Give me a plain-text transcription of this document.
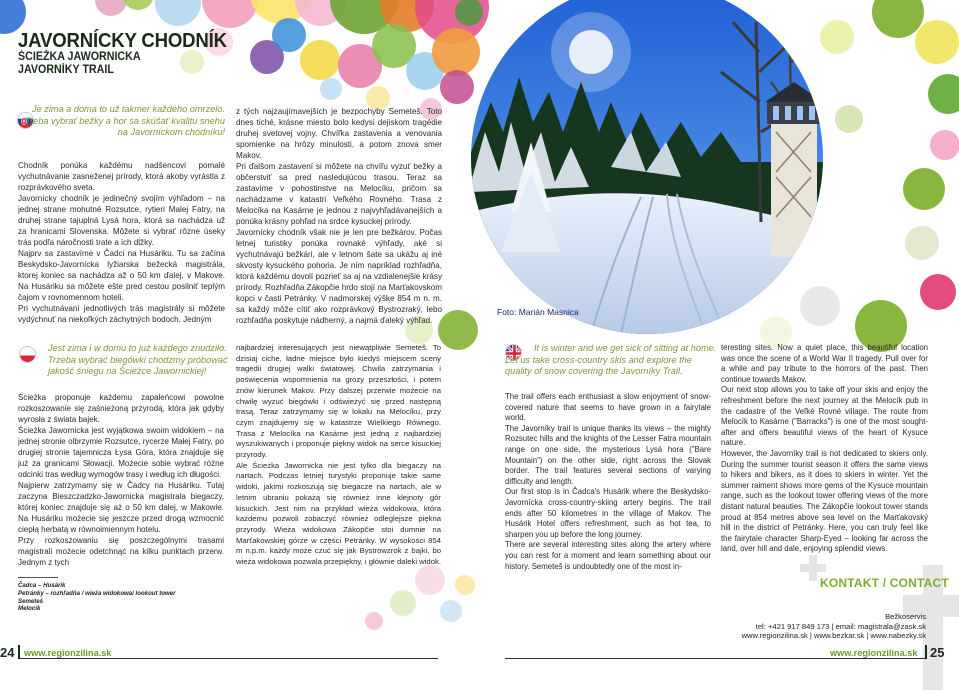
JAVORNÍCKY CHODNÍK
ŚCIEŻKA JAWORNICKA
JAVORNÍKY TRAIL
Je zima a doma to už takmer každého omrzelo. Treba vybrať bežky a hor sa skúšať kvalitu snehu na Javorníckom chodníku!

Chodník ponúka každému nadšencovi pomalé vychutnávanie zasneženej prírody, ktorá akoby vyrástla z rozprávkového sveta.
Javornícky chodník je jedinečný svojím výhľadom – na jednej strane mohutné Rozsutce, rytieri Malej Fatry, na druhej strane tajuplná Lysá hora, ktorá sa nachádza už za hranicami Slovenska. Môžete si vybrať rôzne úseky trás podľa náročnosti trate a ich dĺžky.
Najprv sa zastavíme v Čadci na Husáriku. Tu sa začína Beskydsko-Javornícka lyžiarska bežecká magistrála, ktorej koniec sa nachádza až o 50 km ďalej, v Makove. Na Husáriku sa môžete ešte pred cestou posilniť teplým čajom v rovnomennom hoteli.
Pri vychutnávaní jednotlivých trás magistrály si môžete vydýchnuť na niekoľkých záchytných bodoch. Jedným

z tých najzaujímavejších je bezpochyby Semeteš. Toto dnes tiché, krásne miesto bolo kedysi dejiskom tragédie druhej svetovej vojny. Chvíľka zastavenia a venovania spomienke na hrôzy minulosti, a potom znova smer Makov.
Pri ďalšom zastavení si môžete na chvíľu vyzuť bežky a občerstviť sa pred nasledujúcou trasou. Teraz sa zastavíme v pohostinstve na Melocíku, pričom sa nachádzame v katastri Veľkého Rovného. Trasa z Melocíka na Kasárne je jednou z najvyhľadávanejších a ponúka krásny pohľad na srdce kysuckej prírody.
Javornícky chodník však nie je len pre bežkárov. Počas letnej turistiky ponúka rovnaké výhľady, aké si vychutnávajú bežkári, ale v letnom šate sa ukážu aj iné skvosty kysuckého pohoria. Je ním napríklad rozhľadňa, ktorá každému dovolí pozrieť sa aj na vzdialenejšie krásy prírody. Rozhľadňa Zákopčie hrdo stojí na Marťakovskom kopci v časti Petránky. V nadmorskej výške 854 m n. m. sa každý môže cítiť ako rozprávkový Bystrozraký, lebo rozhľadňa poskytuje nádherný, a najmä ďaleký výhľad.

Foto: Marián Masnica
Jest zima i w domu to już każdego znudziło. Trzeba wybrać biegówki chodzmy próbować jakość śniegu na Ścieżce Jawornickiej!

Ścieżka proponuje każdemu zapaleńcowi powolne rozkoszowanie się zaśnieżoną przyrodą, która jak gdyby wyrosła z świata bajek.
Ścieżka Jawornicka jest wyjątkowa swoim widokiem – na jednej stronie olbrzymie Rozsutce, rycerze Małej Fatry, po drugiej stronie tajemnicza Łysa Góra, która znajduje się już za granicami Słowacji. Możecie sobie wybrać różne odcinki tras według wymogów trasy i według ich długości.
Najpierw zatrzymamy się w Čadcy na Husáriku. Tutaj zaczyna Bieszczadzko-Jawornicka magistrala biegaczy, której koniec znajduje się aż o 50 km dalej, w Makowie. Na Husáriku możecie się jeszcze przed drogą wzmocnić ciepłą herbatą w równoimiennym hotelu.
Przy rozkoszowaniu się poszczególnymi trasami magistrali możecie odetchnąć na kilku punktach przerw. Jednym z tych

najbardziej interesujących jest niewątpliwie Semeteš. To dzisiaj ciche, ładne miejsce było kiedyś miejscem sceny tragedii drugiej walki światowej. Chwila zatrzymania i poświęcenia wspomnienia na grozy przeszłości, i potem znów kierunek Makov. Przy dalszej przerwie możecie na chwilę wyzuć biegówki i odświeżyć się przed następną trasą. Teraz zatrzymamy się w lokalu na Melocíku, przy czym znajdujemy się w katastrze Wielkiego Równego. Trasa z Melocíka na Kasárne jest jedną z najbardziej wyszukiwanych i proponuje piękny widok na serce kisuckiej przyrody.
Ale Ścieżka Jawornicka nie jest tylko dla biegaczy na nartach. Podczas letniej turystyki proponuje takie same widoki, jakimi rozkoszują się biegacze na nartach, ale w letnim ubraniu pokażą się również inne klejnoty gór kisuckich. Jest nim na przykład wieża widokowa, która każdemu pozwoli zobaczyć również odleglejsze piękna przyrody. Wieża widokowa Zákopčie stoi dumnie na Marťakowskiej górze w części Petránky. W wysokości 854 m n.p.m. każdy może czuć się jak Bystrowzrok z bajki, bo wieża widokowa pozwala przepiękny, i głównie daleki widok.

It is winter and we get sick of sitting at home. Let us take cross-country skis and explore the quality of snow covering the Javorníky Trail.

The trail offers each enthusiast a slow enjoyment of snow-covered nature that seems to have grown in a fairytale world.
The Javorníky trail is unique thanks its views – the mighty Rozsutec hills and the knights of the Lesser Fatra mountain range on one side, the mysterious Lysá hora ("Bare Mountain") on the other side, right across the Slovak border. The trail features several sections of varying difficulty and length.
Our first stop is in Čadca's Husárik where the Beskydsko-Javornícka cross-country-skiing artery begins. The trail ends after 50 kilometres in the village of Makov. The Husárik Hotel offers refreshment, such as hot tea, to sharpen you up before the long journey.
There are several interesting sites along the artery where you can rest for a moment and learn something about our history. Semeteš is undoubtedly one of the most in-

teresting sites. Now a quiet place, this beautiful location was once the scene of a World War II tragedy. Pull over for a while and pay tribute to the horrors of the past. Then continue towards Makov.
Our next stop allows you to take off your skis and enjoy the refreshment before the next journey at the Melocík pub in the cadastre of the Veľké Rovné village. The route from Melocík to Kasárne ("Barracks") is one of the most sought-after and offers beautiful views of the heart of Kysuce nature.
However, the Javorníky trail is not dedicated to skiers only. During the summer tourist season it offers the same views to hikers and bikers, as it does to skiers in winter. Yet the summer raiment shows more gems of the Kysuce mountain range, such as the lookout tower offering views of the more distant natural beauties. The Zákopčie lookout tower stands proud at 854 metres above sea level on the Marťakovský hill in the district of Petránky. Here, you can truly feel like the fairytale character Sharp-Eyed – looking far across the land, over hill and dale, enjoying splendid views.

Čadca – Husárik
Petránky – rozhľadňa / wieża widokowa/ lookout tower
Semeteš
Melocík
KONTAKT / CONTACT
Bežkoservis
tel: +421 917 849 173 | email: magistrala@zask.sk
www.regionzilina.sk | www.bezkar.sk | www.nabezky.sk
24 www.regionzilina.sk	www.regionzilina.sk 25
